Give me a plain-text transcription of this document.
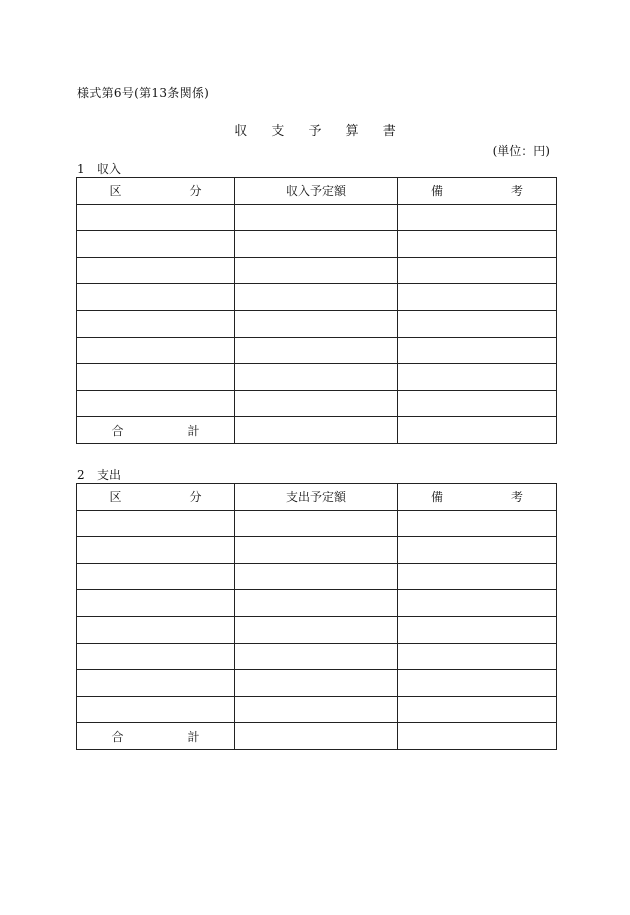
様式第6号(第13条関係)
収 支 予 算 書
(単位：円)
1 収入
区　分	収入予定額	備　考

合　計		
2 支出
区　分	支出予定額	備　考

合　計		
